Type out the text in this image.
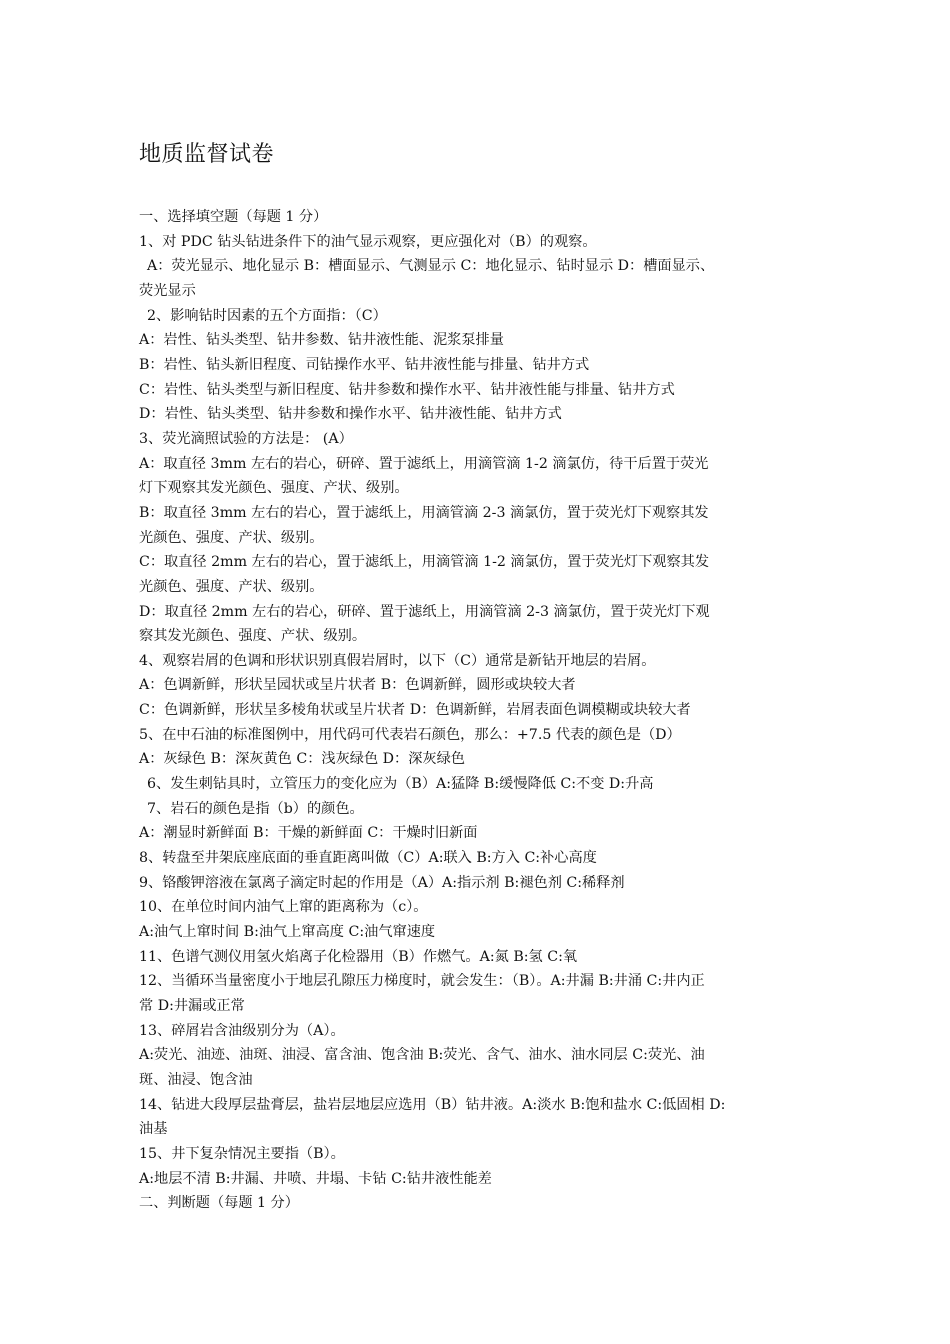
地质监督试卷
一、选择填空题（每题 1 分）
1、对 PDC 钻头钻进条件下的油气显示观察，更应强化对（B）的观察。
A：荧光显示、地化显示 B：槽面显示、气测显示 C：地化显示、钻时显示 D：槽面显示、
荧光显示
2、影响钻时因素的五个方面指：（C）
A：岩性、钻头类型、钻井参数、钻井液性能、泥浆泵排量
B：岩性、钻头新旧程度、司钻操作水平、钻井液性能与排量、钻井方式
C：岩性、钻头类型与新旧程度、钻井参数和操作水平、钻井液性能与排量、钻井方式
D：岩性、钻头类型、钻井参数和操作水平、钻井液性能、钻井方式
3、荧光滴照试验的方法是： (A）
A：取直径 3mm 左右的岩心，研碎、置于滤纸上，用滴管滴 1-2 滴氯仿，待干后置于荧光
灯下观察其发光颜色、强度、产状、级别。
B：取直径 3mm 左右的岩心，置于滤纸上，用滴管滴 2-3 滴氯仿，置于荧光灯下观察其发
光颜色、强度、产状、级别。
C：取直径 2mm 左右的岩心，置于滤纸上，用滴管滴 1-2 滴氯仿，置于荧光灯下观察其发
光颜色、强度、产状、级别。
D：取直径 2mm 左右的岩心，研碎、置于滤纸上，用滴管滴 2-3 滴氯仿，置于荧光灯下观
察其发光颜色、强度、产状、级别。
4、观察岩屑的色调和形状识别真假岩屑时，以下（C）通常是新钻开地层的岩屑。
A：色调新鲜，形状呈园状或呈片状者 B：色调新鲜，圆形或块较大者
C：色调新鲜，形状呈多棱角状或呈片状者 D：色调新鲜，岩屑表面色调模糊或块较大者
5、在中石油的标准图例中，用代码可代表岩石颜色，那么：+7.5 代表的颜色是（D）
A：灰绿色 B：深灰黄色 C：浅灰绿色 D：深灰绿色
6、发生刺钻具时，立管压力的变化应为（B）A:猛降 B:缓慢降低 C:不变 D:升高
7、岩石的颜色是指（b）的颜色。
A：潮显时新鲜面 B：干燥的新鲜面 C：干燥时旧新面
8、转盘至井架底座底面的垂直距离叫做（C）A:联入 B:方入 C:补心高度
9、铬酸钾溶液在氯离子滴定时起的作用是（A）A:指示剂 B:褪色剂 C:稀释剂
10、在单位时间内油气上窜的距离称为（c）。
A:油气上窜时间 B:油气上窜高度 C:油气窜速度
11、色谱气测仪用氢火焰离子化检器用（B）作燃气。A:氮 B:氢 C:氧
12、当循环当量密度小于地层孔隙压力梯度时，就会发生：（B）。A:井漏 B:井涌 C:井内正
常 D:井漏或正常
13、碎屑岩含油级别分为（A）。
A:荧光、油迹、油斑、油浸、富含油、饱含油 B:荧光、含气、油水、油水同层 C:荧光、油
斑、油浸、饱含油
14、钻进大段厚层盐膏层，盐岩层地层应选用（B）钻井液。A:淡水 B:饱和盐水 C:低固相 D:
油基
15、井下复杂情况主要指（B）。
A:地层不清 B:井漏、井喷、井塌、卡钻 C:钻井液性能差
二、判断题（每题 1 分）
